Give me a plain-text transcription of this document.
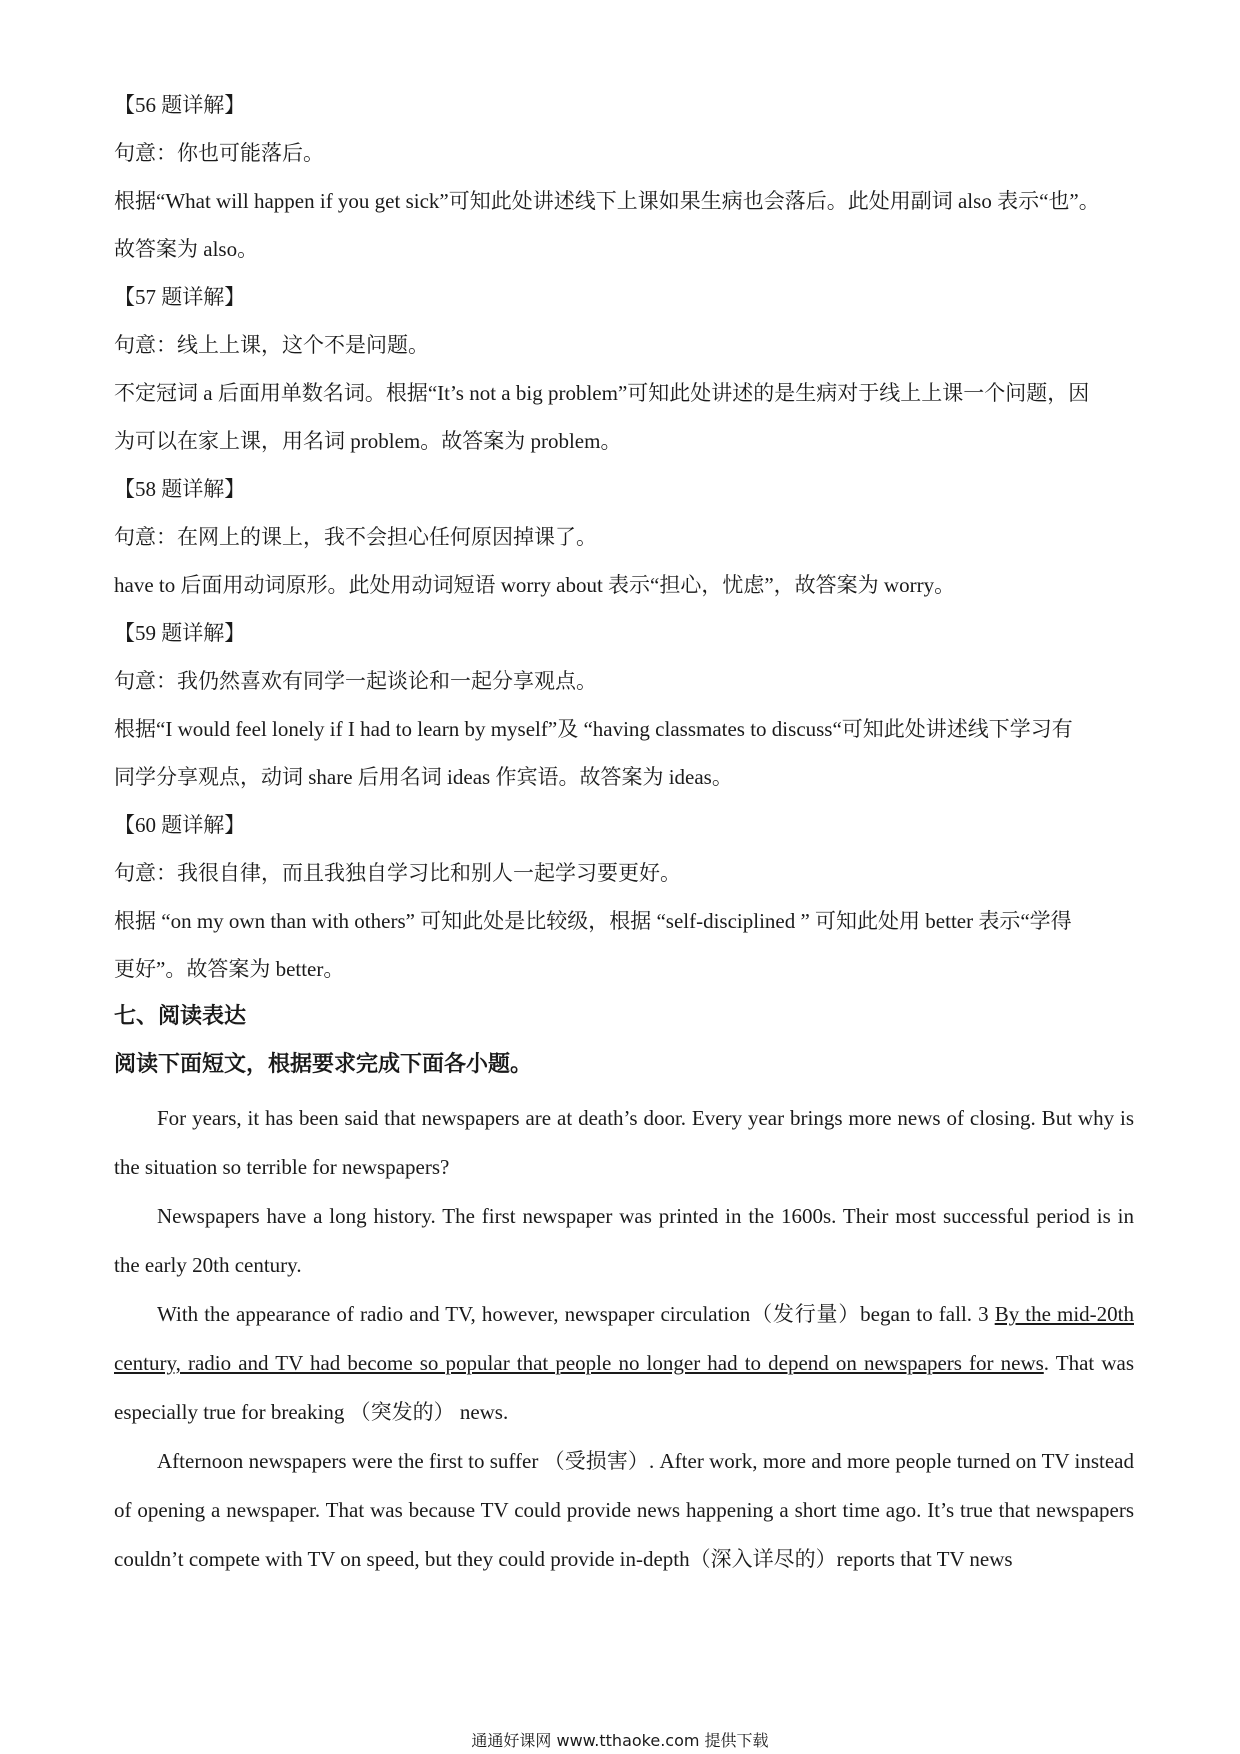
【56 题详解】
句意：你也可能落后。
根据“What will happen if you get sick”可知此处讲述线下上课如果生病也会落后。此处用副词 also 表示“也”。
故答案为 also。
【57 题详解】
句意：线上上课，这个不是问题。
不定冠词 a 后面用单数名词。根据“It’s not a big problem”可知此处讲述的是生病对于线上上课一个问题，因
为可以在家上课，用名词 problem。故答案为 problem。
【58 题详解】
句意：在网上的课上，我不会担心任何原因掉课了。
have to 后面用动词原形。此处用动词短语 worry about 表示“担心，忧虑”，故答案为 worry。
【59 题详解】
句意：我仍然喜欢有同学一起谈论和一起分享观点。
根据“I would feel lonely if I had to learn by myself”及 “having classmates to discuss“可知此处讲述线下学习有
同学分享观点，动词 share 后用名词 ideas 作宾语。故答案为 ideas。
【60 题详解】
句意：我很自律，而且我独自学习比和别人一起学习要更好。
根据 “on my own than with others” 可知此处是比较级，根据 “self-disciplined ” 可知此处用 better 表示“学得
更好”。故答案为 better。
七、阅读表达
阅读下面短文，根据要求完成下面各小题。

For years, it has been said that newspapers are at death’s door. Every year brings more news of closing. But why is the situation so terrible for newspapers?

Newspapers have a long history. The first newspaper was printed in the 1600s. Their most successful period is in the early 20th century.

With the appearance of radio and TV, however, newspaper circulation（发行量）began to fall. 3 By the mid-20th century, radio and TV had become so popular that people no longer had to depend on newspapers for news. That was especially true for breaking （突发的） news.

Afternoon newspapers were the first to suffer （受损害）. After work, more and more people turned on TV instead of opening a newspaper. That was because TV could provide news happening a short time ago. It’s true that newspapers couldn’t compete with TV on speed, but they could provide in-depth（深入详尽的）reports that TV news

通通好课网 www.tthaoke.com 提供下载
